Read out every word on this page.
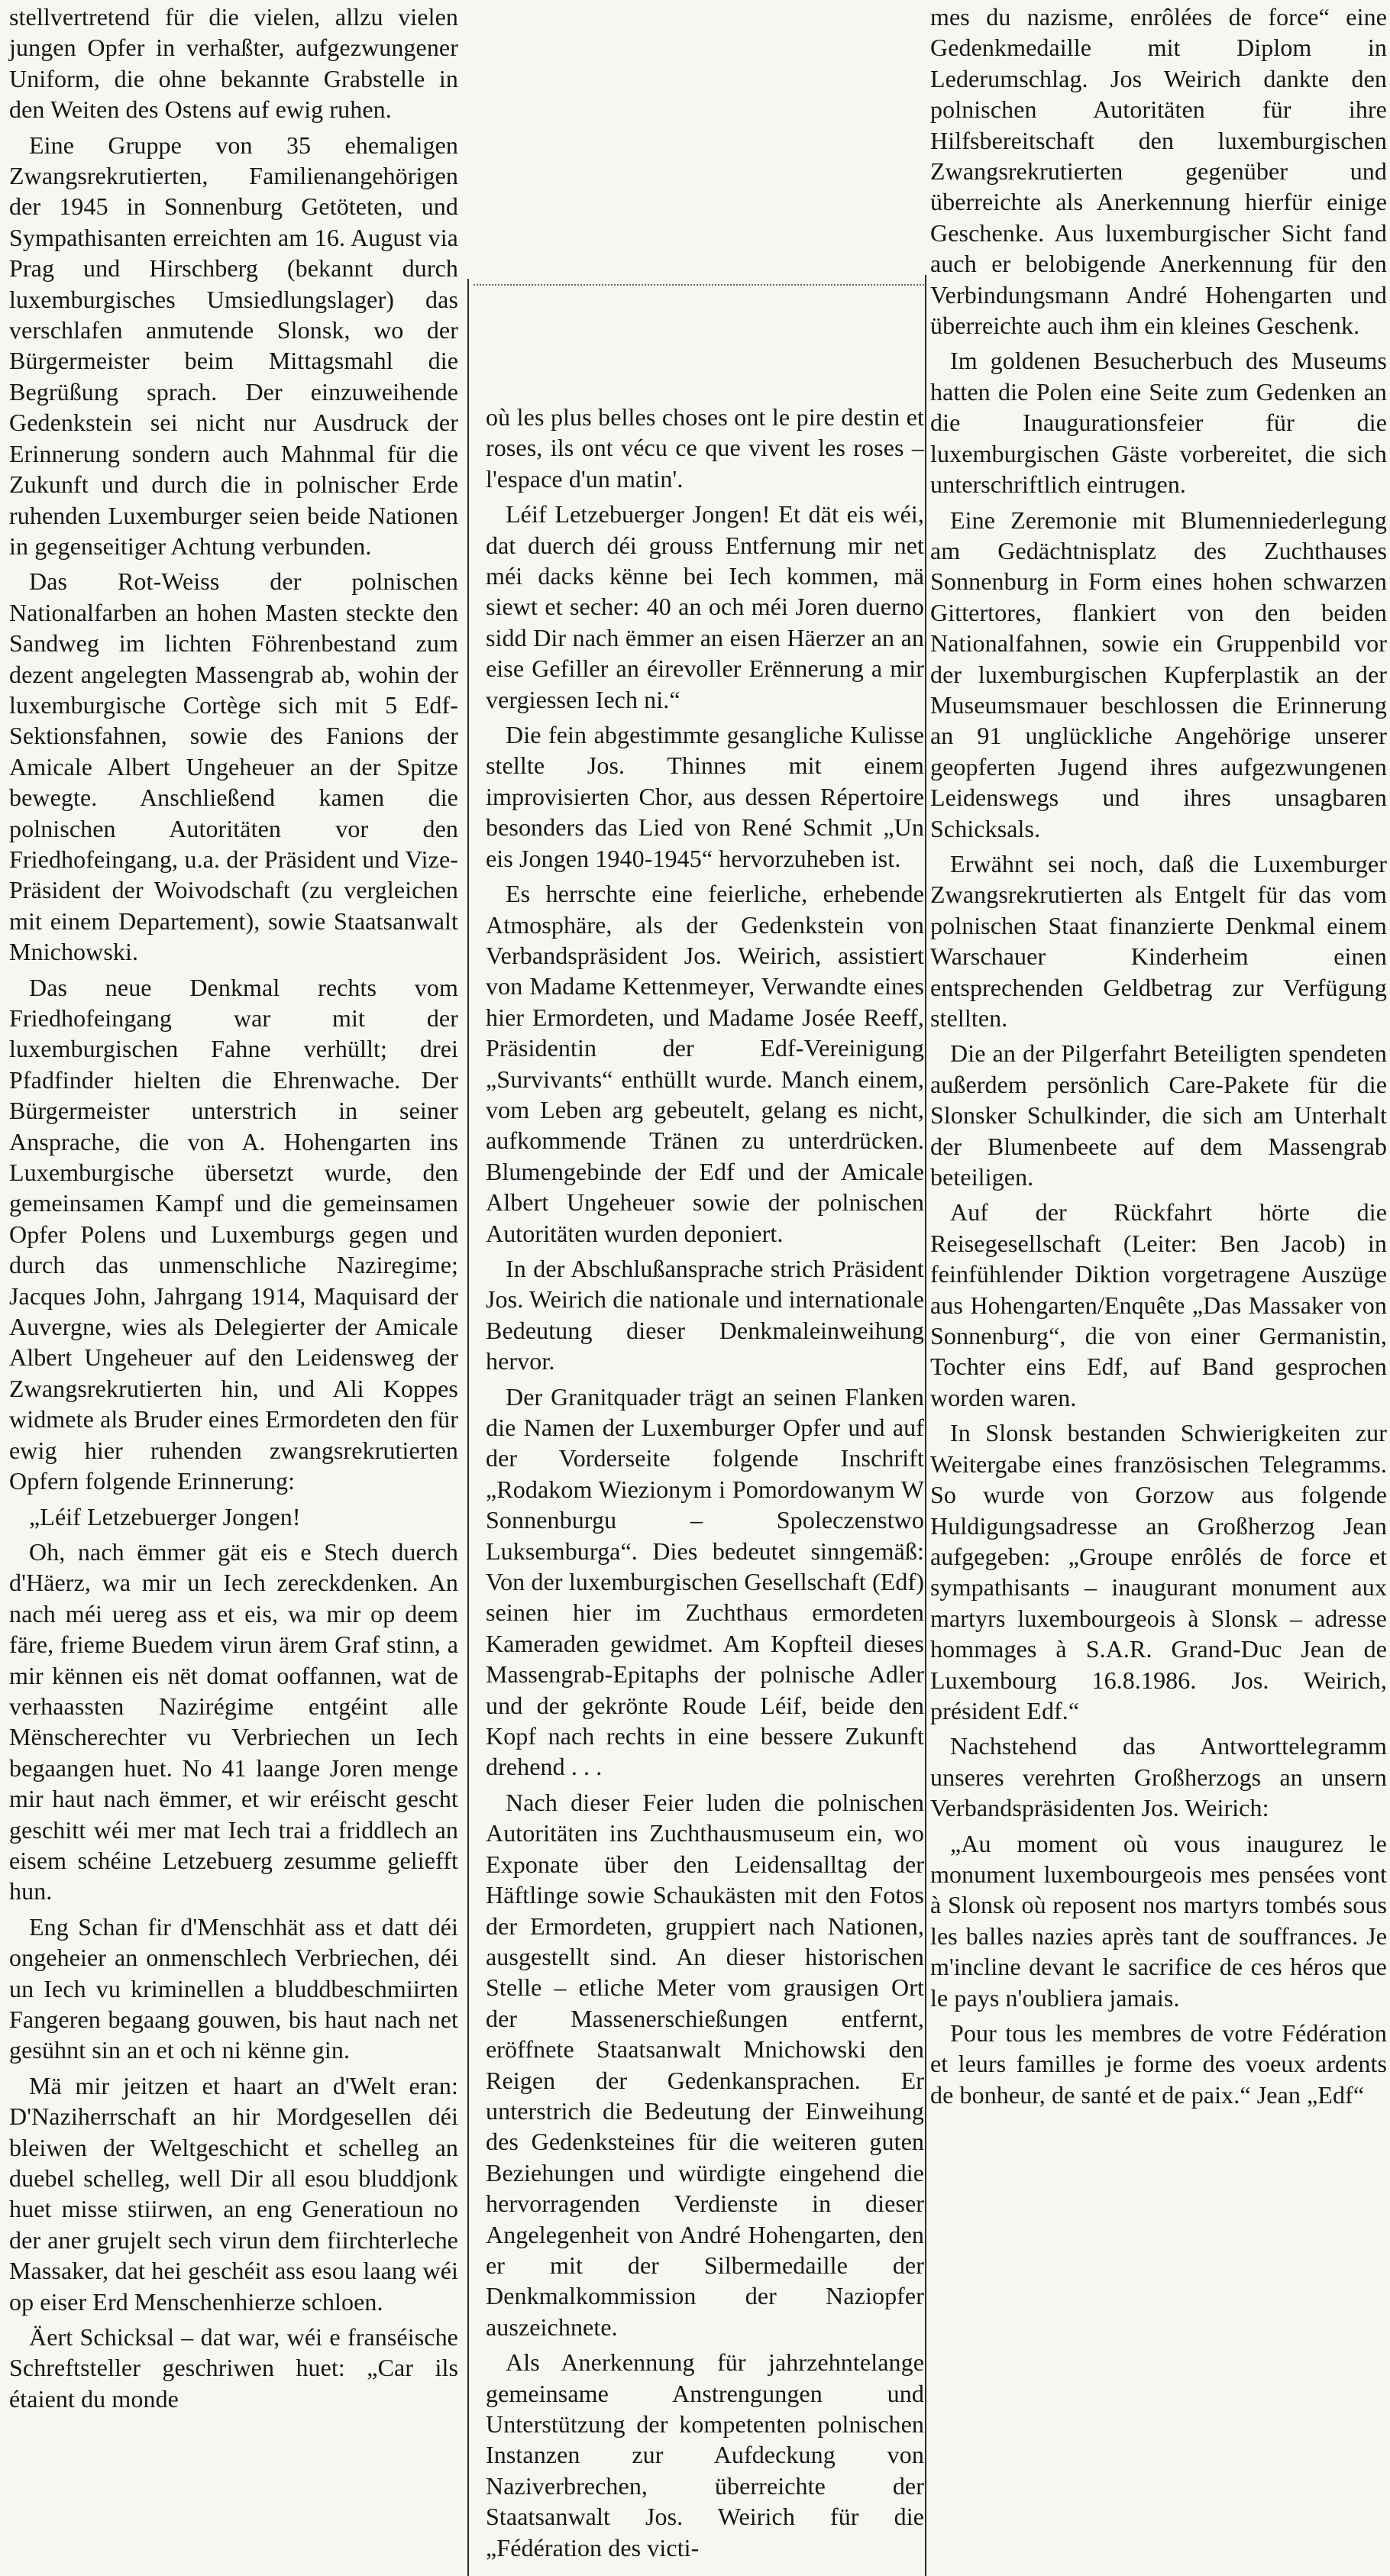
stellvertretend für die vielen, allzu vielen jungen Opfer in verhaßter, aufgezwungener Uniform, die ohne bekannte Grabstelle in den Weiten des Ostens auf ewig ruhen.

Eine Gruppe von 35 ehemaligen Zwangsrekrutierten, Familienangehörigen der 1945 in Sonnenburg Getöteten, und Sympathisanten erreichten am 16. August via Prag und Hirschberg (bekannt durch luxemburgisches Umsiedlungslager) das verschlafen anmutende Slonsk, wo der Bürgermeister beim Mittagsmahl die Begrüßung sprach. Der einzuweihende Gedenkstein sei nicht nur Ausdruck der Erinnerung sondern auch Mahnmal für die Zukunft und durch die in polnischer Erde ruhenden Luxemburger seien beide Nationen in gegenseitiger Achtung verbunden.

Das Rot-Weiss der polnischen Nationalfarben an hohen Masten steckte den Sandweg im lichten Föhrenbestand zum dezent angelegten Massengrab ab, wohin der luxemburgische Cortège sich mit 5 Edf-Sektionsfahnen, sowie des Fanions der Amicale Albert Ungeheuer an der Spitze bewegte. Anschließend kamen die polnischen Autoritäten vor den Friedhofeingang, u.a. der Präsident und Vize-Präsident der Woivodschaft (zu vergleichen mit einem Departement), sowie Staatsanwalt Mnichowski.

Das neue Denkmal rechts vom Friedhofeingang war mit der luxemburgischen Fahne verhüllt; drei Pfadfinder hielten die Ehrenwache. Der Bürgermeister unterstrich in seiner Ansprache, die von A. Hohengarten ins Luxemburgische übersetzt wurde, den gemeinsamen Kampf und die gemeinsamen Opfer Polens und Luxemburgs gegen und durch das unmenschliche Naziregime; Jacques John, Jahrgang 1914, Maquisard der Auvergne, wies als Delegierter der Amicale Albert Ungeheuer auf den Leidensweg der Zwangsrekrutierten hin, und Ali Koppes widmete als Bruder eines Ermordeten den für ewig hier ruhenden zwangsrekrutierten Opfern folgende Erinnerung:

„Léif Letzebuerger Jongen!

Oh, nach ëmmer gät eis e Stech duerch d'Häerz, wa mir un Iech zereckdenken. An nach méi uereg ass et eis, wa mir op deem färe, frieme Buedem virun ärem Graf stinn, a mir kënnen eis nët domat ooffannen, wat de verhaassten Nazirégime entgéint alle Mënscherechter vu Verbriechen un Iech begaangen huet. No 41 laange Joren menge mir haut nach ëmmer, et wir eréischt gescht geschitt wéi mer mat Iech trai a friddlech an eisem schéine Letzebuerg zesumme geliefft hun.

Eng Schan fir d'Menschhät ass et datt déi ongeheier an onmenschlech Verbriechen, déi un Iech vu kriminellen a bluddbeschmiirten Fangeren begaang gouwen, bis haut nach net gesühnt sin an et och ni kënne gin.

Mä mir jeitzen et haart an d'Welt eran: D'Naziherrschaft an hir Mordgesellen déi bleiwen der Weltgeschicht et schelleg an duebel schelleg, well Dir all esou bluddjonk huet misse stiirwen, an eng Generatioun no der aner grujelt sech virun dem fiirchterleche Massaker, dat hei geschéit ass esou laang wéi op eiser Erd Menschenhierze schloen.

Äert Schicksal – dat war, wéi e franséische Schreftsteller geschriwen huet: „Car ils étaient du monde

où les plus belles choses ont le pire destin et roses, ils ont vécu ce que vivent les roses – l'espace d'un matin'.

Léif Letzebuerger Jongen! Et dät eis wéi, dat duerch déi grouss Entfernung mir net méi dacks kënne bei Iech kommen, mä siewt et secher: 40 an och méi Joren duerno sidd Dir nach ëmmer an eisen Häerzer an an eise Gefiller an éirevoller Erënnerung a mir vergiessen Iech ni.“

Die fein abgestimmte gesangliche Kulisse stellte Jos. Thinnes mit einem improvisierten Chor, aus dessen Répertoire besonders das Lied von René Schmit „Un eis Jongen 1940-1945“ hervorzuheben ist.

Es herrschte eine feierliche, erhebende Atmosphäre, als der Gedenkstein von Verbandspräsident Jos. Weirich, assistiert von Madame Kettenmeyer, Verwandte eines hier Ermordeten, und Madame Josée Reeff, Präsidentin der Edf-Vereinigung „Survivants“ enthüllt wurde. Manch einem, vom Leben arg gebeutelt, gelang es nicht, aufkommende Tränen zu unterdrücken. Blumengebinde der Edf und der Amicale Albert Ungeheuer sowie der polnischen Autoritäten wurden deponiert.

In der Abschlußansprache strich Präsident Jos. Weirich die nationale und internationale Bedeutung dieser Denkmaleinweihung hervor.

Der Granitquader trägt an seinen Flanken die Namen der Luxemburger Opfer und auf der Vorderseite folgende Inschrift „Rodakom Wiezionym i Pomordowanym W Sonnenburgu – Spoleczenstwo Luksemburga“. Dies bedeutet sinngemäß: Von der luxemburgischen Gesellschaft (Edf) seinen hier im Zuchthaus ermordeten Kameraden gewidmet. Am Kopfteil dieses Massengrab-Epitaphs der polnische Adler und der gekrönte Roude Léif, beide den Kopf nach rechts in eine bessere Zukunft drehend . . .

Nach dieser Feier luden die polnischen Autoritäten ins Zuchthausmuseum ein, wo Exponate über den Leidensalltag der Häftlinge sowie Schaukästen mit den Fotos der Ermordeten, gruppiert nach Nationen, ausgestellt sind. An dieser historischen Stelle – etliche Meter vom grausigen Ort der Massenerschießungen entfernt, eröffnete Staatsanwalt Mnichowski den Reigen der Gedenkansprachen. Er unterstrich die Bedeutung der Einweihung des Gedenksteines für die weiteren guten Beziehungen und würdigte eingehend die hervorragenden Verdienste in dieser Angelegenheit von André Hohengarten, den er mit der Silbermedaille der Denkmalkommission der Naziopfer auszeichnete.

Als Anerkennung für jahrzehntelange gemeinsame Anstrengungen und Unterstützung der kompetenten polnischen Instanzen zur Aufdeckung von Naziverbrechen, überreichte der Staatsanwalt Jos. Weirich für die „Fédération des victi-

mes du nazisme, enrôlées de force“ eine Gedenkmedaille mit Diplom in Lederumschlag. Jos Weirich dankte den polnischen Autoritäten für ihre Hilfsbereitschaft den luxemburgischen Zwangsrekrutierten gegenüber und überreichte als Anerkennung hierfür einige Geschenke. Aus luxemburgischer Sicht fand auch er belobigende Anerkennung für den Verbindungsmann André Hohengarten und überreichte auch ihm ein kleines Geschenk.

Im goldenen Besucherbuch des Museums hatten die Polen eine Seite zum Gedenken an die Inaugurationsfeier für die luxemburgischen Gäste vorbereitet, die sich unterschriftlich eintrugen.

Eine Zeremonie mit Blumenniederlegung am Gedächtnisplatz des Zuchthauses Sonnenburg in Form eines hohen schwarzen Gittertores, flankiert von den beiden Nationalfahnen, sowie ein Gruppenbild vor der luxemburgischen Kupferplastik an der Museumsmauer beschlossen die Erinnerung an 91 unglückliche Angehörige unserer geopferten Jugend ihres aufgezwungenen Leidenswegs und ihres unsagbaren Schicksals.

Erwähnt sei noch, daß die Luxemburger Zwangsrekrutierten als Entgelt für das vom polnischen Staat finanzierte Denkmal einem Warschauer Kinderheim einen entsprechenden Geldbetrag zur Verfügung stellten.

Die an der Pilgerfahrt Beteiligten spendeten außerdem persönlich Care-Pakete für die Slonsker Schulkinder, die sich am Unterhalt der Blumenbeete auf dem Massengrab beteiligen.

Auf der Rückfahrt hörte die Reisegesellschaft (Leiter: Ben Jacob) in feinfühlender Diktion vorgetragene Auszüge aus Hohengarten/Enquête „Das Massaker von Sonnenburg“, die von einer Germanistin, Tochter eins Edf, auf Band gesprochen worden waren.

In Slonsk bestanden Schwierigkeiten zur Weitergabe eines französischen Telegramms. So wurde von Gorzow aus folgende Huldigungsadresse an Großherzog Jean aufgegeben: „Groupe enrôlés de force et sympathisants – inaugurant monument aux martyrs luxembourgeois à Slonsk – adresse hommages à S.A.R. Grand-Duc Jean de Luxembourg 16.8.1986. Jos. Weirich, président Edf.“

Nachstehend das Antworttelegramm unseres verehrten Großherzogs an unsern Verbandspräsidenten Jos. Weirich:

„Au moment où vous inaugurez le monument luxembourgeois mes pensées vont à Slonsk où reposent nos martyrs tombés sous les balles nazies après tant de souffrances. Je m'incline devant le sacrifice de ces héros que le pays n'oubliera jamais.

Pour tous les membres de votre Fédération et leurs familles je forme des voeux ardents de bonheur, de santé et de paix.“ Jean „Edf“
